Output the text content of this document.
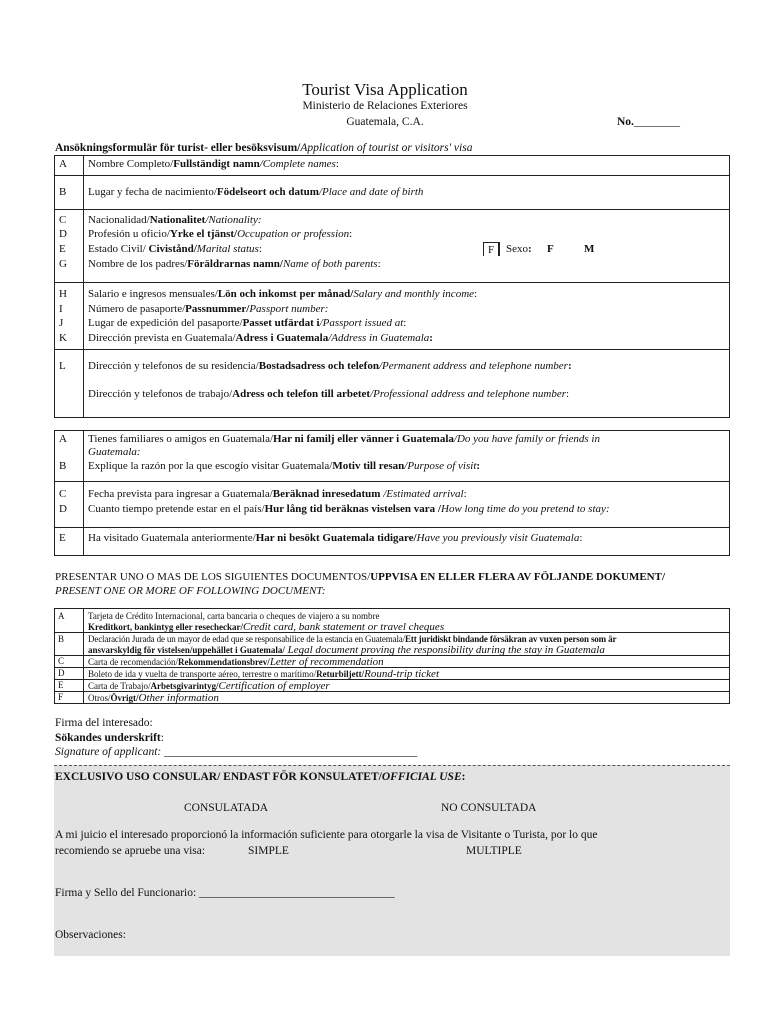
Tourist Visa Application
Ministerio de Relaciones Exteriores
Guatemala, C.A.	No.________
Ansökningsformulär för turist- eller besöksvisum/Application of tourist or visitors' visa
A Nombre Completo/Fullständigt namn/Complete names:
B Lugar y fecha de nacimiento/Födelseort och datum/Place and date of birth
C Nacionalidad/Nationalitet/Nationality:
D Profesión u oficio/Yrke el tjänst/Occupation or profession:
E Estado Civil/ Civistånd/Marital status:	F	Sexo:	F	M
G Nombre de los padres/Föräldrarnas namn/Name of both parents:
H Salario e ingresos mensuales/Lön och inkomst per månad/Salary and monthly income:
I Número de pasaporte/Passnummer/Passport number:
J Lugar de expedición del pasaporte/Passet utfärdat i/Passport issued at:
K Dirección prevista en Guatemala/Adress i Guatemala/Address in Guatemala:
L Dirección y telefonos de su residencia/Bostadsadress och telefon/Permanent address and telephone number:
Dirección y telefonos de trabajo/Adress och telefon till arbetet/Professional address and telephone number:
A Tienes familiares o amigos en Guatemala/Har ni familj eller vänner i Guatemala/Do you have family or friends in
Guatemala:
B Explique la razón por la que escogío visitar Guatemala/Motiv till resan/Purpose of visit:
C Fecha prevista para ingresar a Guatemala/Beräknad inresedatum /Estimated arrival:
D Cuanto tiempo pretende estar en el país/Hur lång tid beräknas vistelsen vara /How long time do you pretend to stay:
E Ha visitado Guatemala anteriormente/Har ni besökt Guatemala tidigare/Have you previously visit Guatemala:
PRESENTAR UNO O MAS DE LOS SIGUIENTES DOCUMENTOS/UPPVISA EN ELLER FLERA AV FÖLJANDE DOKUMENT/
PRESENT ONE OR MORE OF FOLLOWING DOCUMENT:
A	Tarjeta de Crédito Internacional, carta bancaria o cheques de viajero a su nombre
Kreditkort, bankintyg eller resecheckar/Credit card, bank statement or travel cheques
B	Declaración Jurada de un mayor de edad que se responsabilice de la estancia en Guatemala/Ett juridiskt bindande försäkran av vuxen person som är
ansvarskyldig för vistelsen/uppehället i Guatemala/ Legal document proving the responsibility during the stay in Guatemala
C	Carta de recomendación/Rekommendationsbrev/Letter of recommendation
D	Boleto de ida y vuelta de transporte aéreo, terrestre o marítimo/Returbiljett/Round-trip ticket
E	Carta de Trabajo/Arbetsgivarintyg/Certification of employer
F	Otros/Övrigt/Other information
Firma del interesado:
Sökandes underskrift:
Signature of applicant: ____________________________________________
EXCLUSIVO USO CONSULAR/ ENDAST FÖR KONSULATET/OFFICIAL USE:
CONSULATADA	NO CONSULTADA
A mi juicio el interesado proporcionó la información suficiente para otorgarle la visa de Visitante o Turista, por lo que
recomiendo se apruebe una visa:	SIMPLE	MULTIPLE
Firma y Sello del Funcionario: __________________________________
Observaciones:
